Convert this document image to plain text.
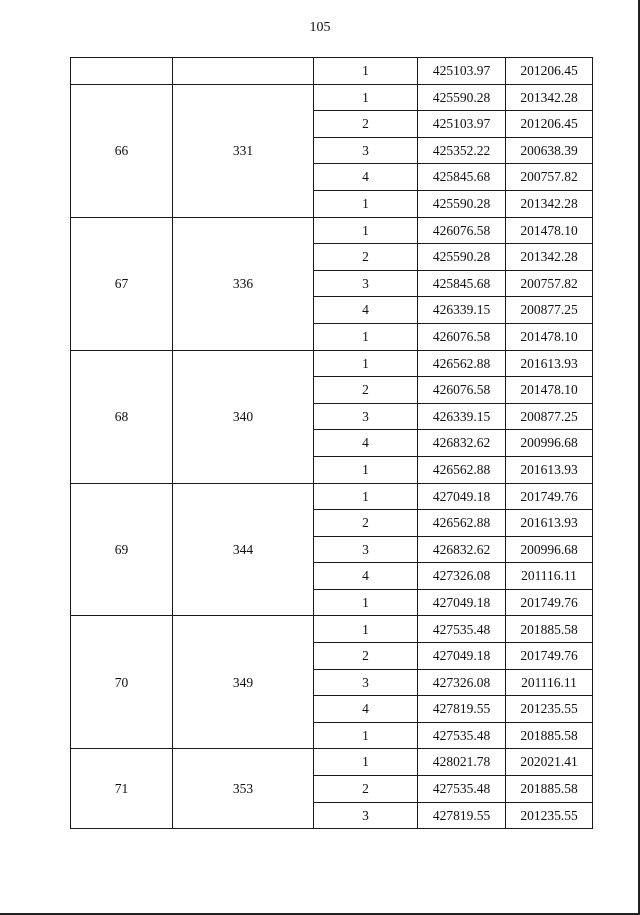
105
		1	425103.97	201206.45
66	331	1	425590.28	201342.28
		2	425103.97	201206.45
		3	425352.22	200638.39
		4	425845.68	200757.82
		1	425590.28	201342.28
67	336	1	426076.58	201478.10
		2	425590.28	201342.28
		3	425845.68	200757.82
		4	426339.15	200877.25
		1	426076.58	201478.10
68	340	1	426562.88	201613.93
		2	426076.58	201478.10
		3	426339.15	200877.25
		4	426832.62	200996.68
		1	426562.88	201613.93
69	344	1	427049.18	201749.76
		2	426562.88	201613.93
		3	426832.62	200996.68
		4	427326.08	201116.11
		1	427049.18	201749.76
70	349	1	427535.48	201885.58
		2	427049.18	201749.76
		3	427326.08	201116.11
		4	427819.55	201235.55
		1	427535.48	201885.58
71	353	1	428021.78	202021.41
		2	427535.48	201885.58
		3	427819.55	201235.55
